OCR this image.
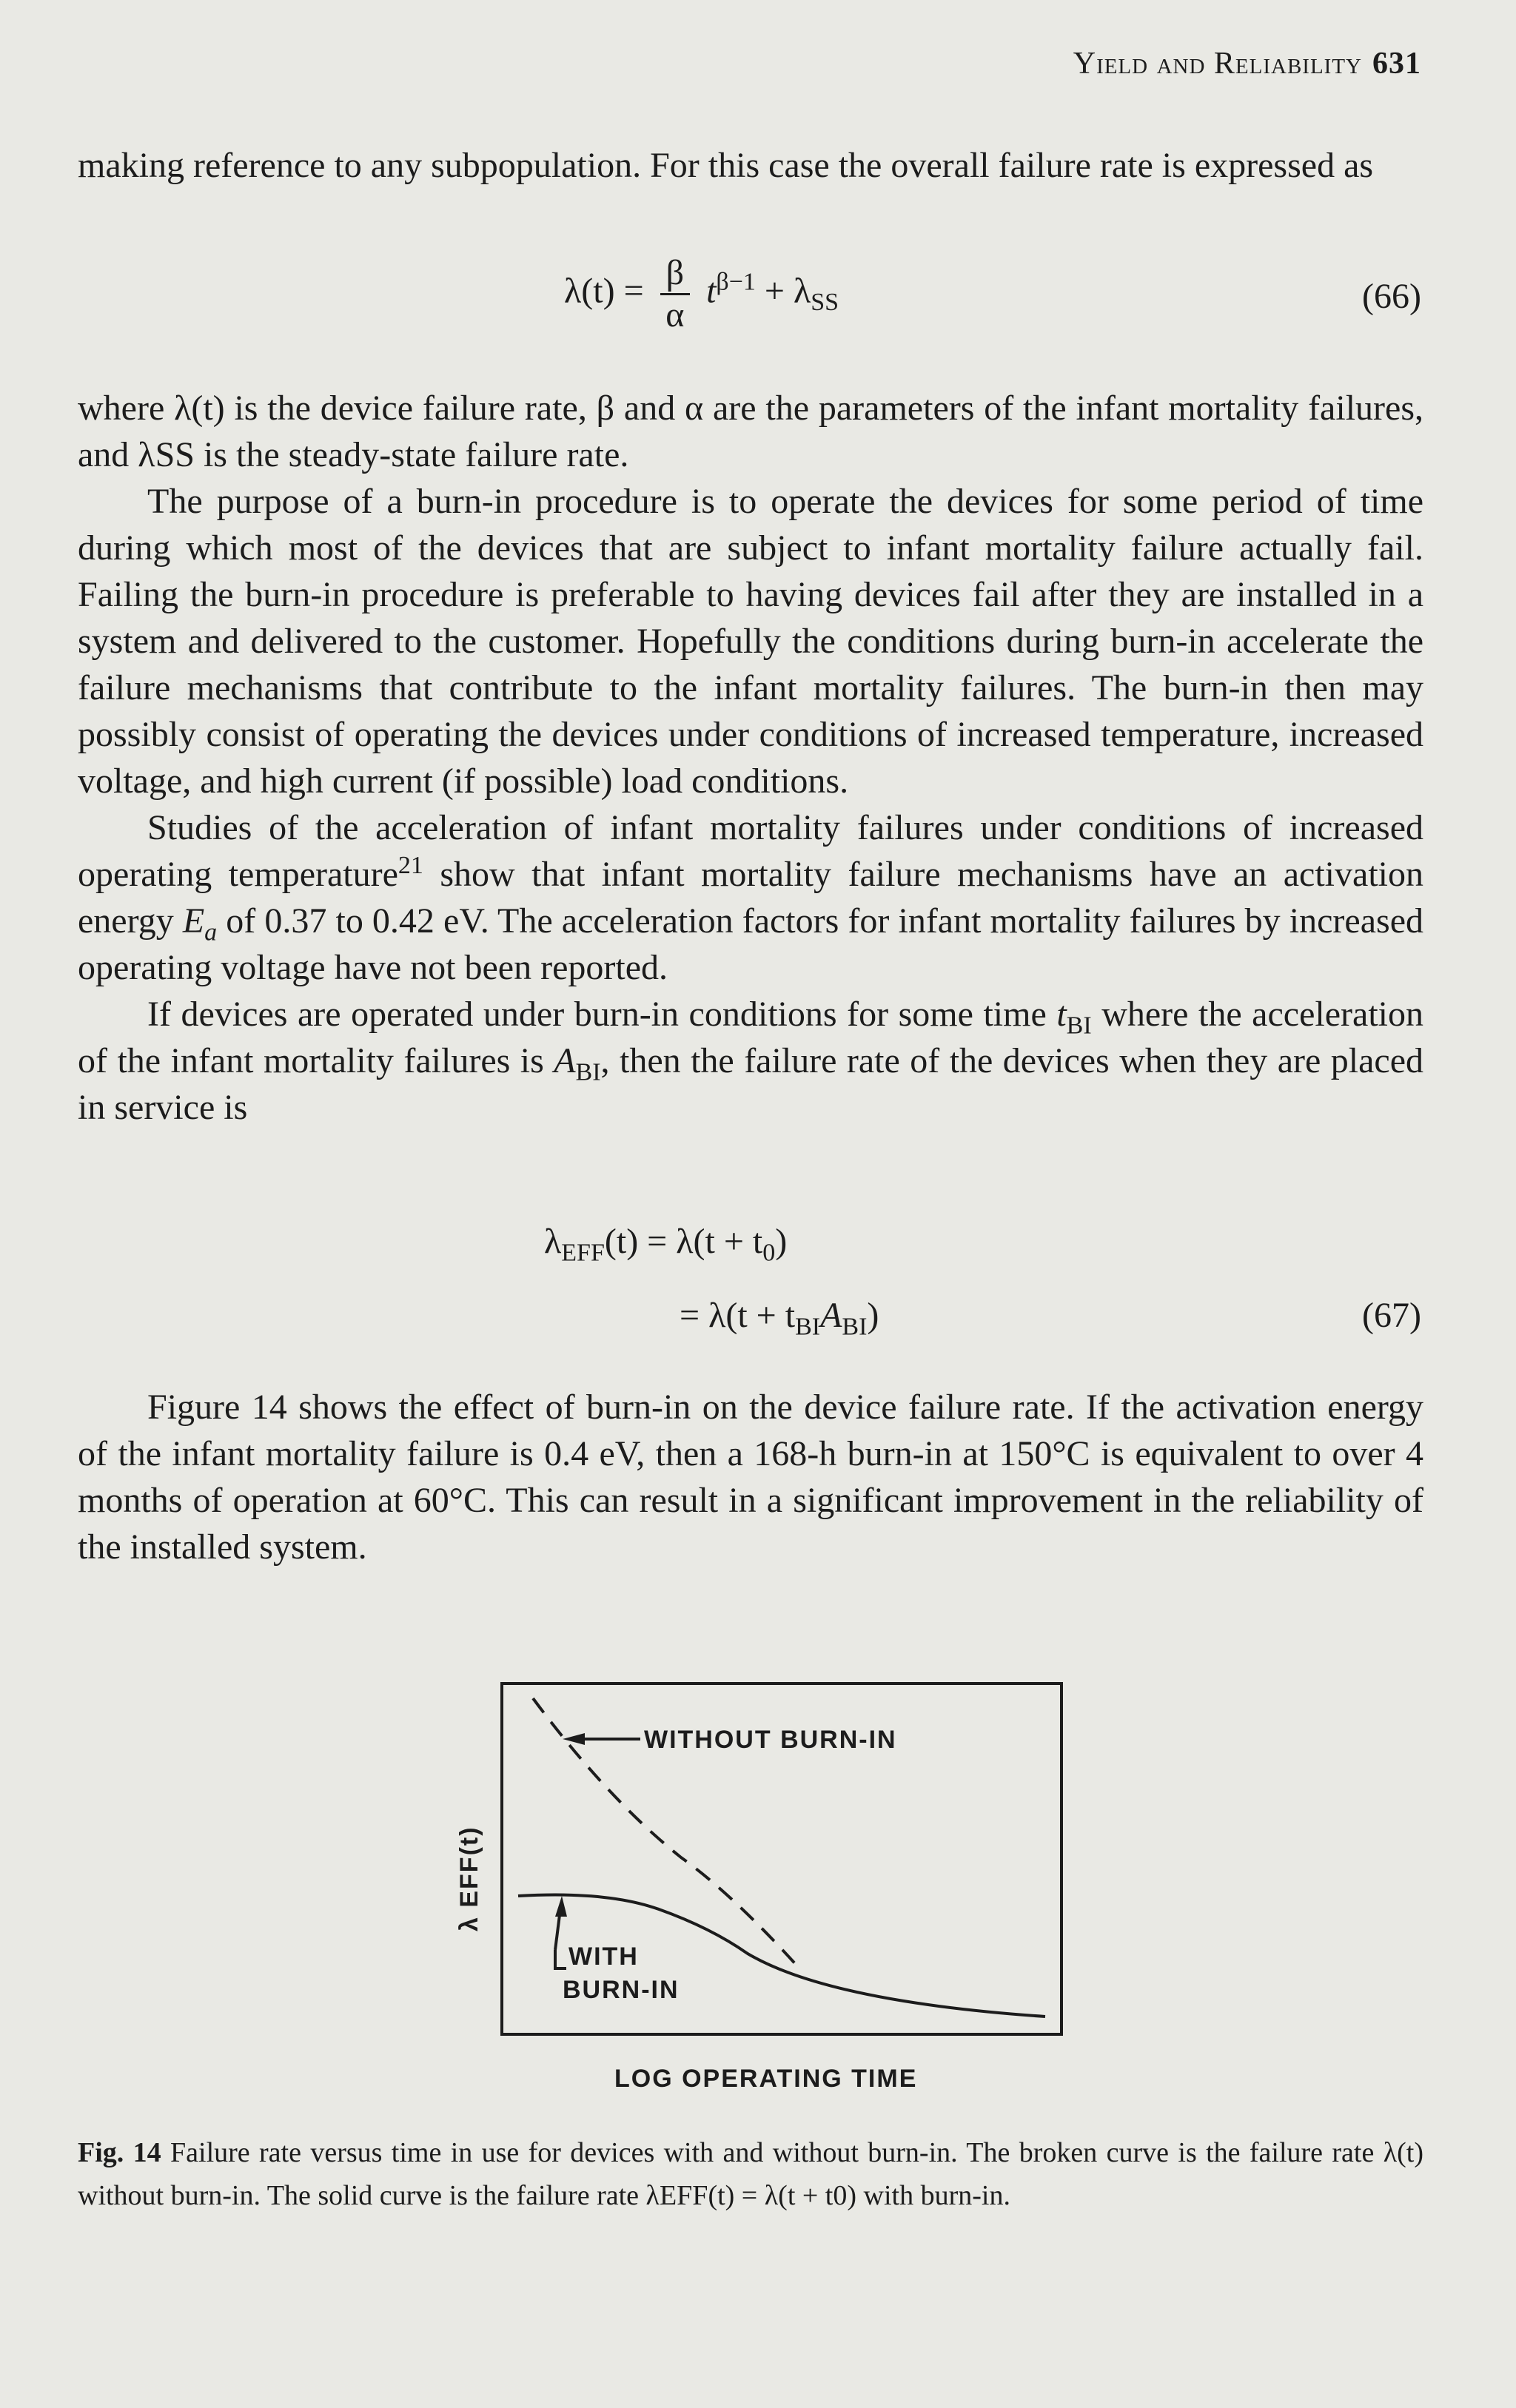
Yield and Reliability 631

making reference to any subpopulation. For this case the overall failure rate is expressed as

$\lambda(t) = \frac{\beta}{\alpha} t^{\beta-1} + \lambda_{SS}$	(66)

where λ(t) is the device failure rate, β and α are the parameters of the infant mortality failures, and λSS is the steady-state failure rate.

The purpose of a burn-in procedure is to operate the devices for some period of time during which most of the devices that are subject to infant mortality failure actually fail. Failing the burn-in procedure is preferable to having devices fail after they are installed in a system and delivered to the customer. Hopefully the conditions during burn-in accelerate the failure mechanisms that contribute to the infant mortality failures. The burn-in then may possibly consist of operating the devices under conditions of increased temperature, increased voltage, and high current (if possible) load conditions.

Studies of the acceleration of infant mortality failures under conditions of increased operating temperature$^{21}$ show that infant mortality failure mechanisms have an activation energy $E_a$ of 0.37 to 0.42 eV. The acceleration factors for infant mortality failures by increased operating voltage have not been reported.

If devices are operated under burn-in conditions for some time $t_{BI}$ where the acceleration of the infant mortality failures is $A_{BI}$, then the failure rate of the devices when they are placed in service is

$\lambda_{EFF}(t) = \lambda(t + t_0)$
= $\lambda(t + t_{BI}A_{BI})$	(67)

Figure 14 shows the effect of burn-in on the device failure rate. If the activation energy of the infant mortality failure is 0.4 eV, then a 168-h burn-in at 150°C is equivalent to over 4 months of operation at 60°C. This can result in a significant improvement in the reliability of the installed system.

WITHOUT BURN-IN
WITH
BURN-IN
λ EFF(t)
LOG OPERATING TIME
Fig. 14 Failure rate versus time in use for devices with and without burn-in. The broken curve is the failure rate λ(t) without burn-in. The solid curve is the failure rate λEFF(t) = λ(t + t0) with burn-in.
